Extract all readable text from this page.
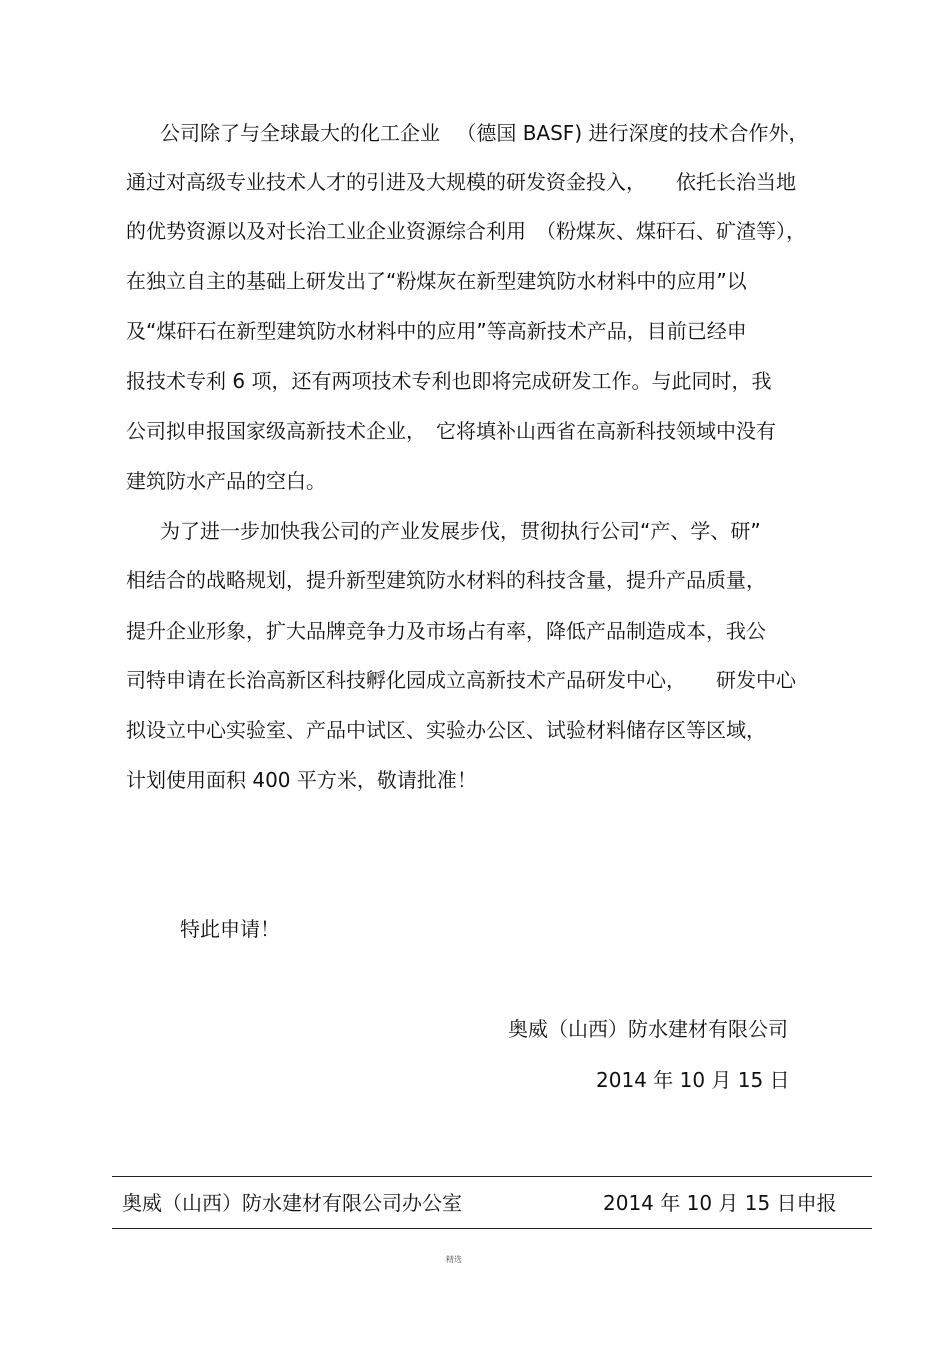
公司除了与全球最大的化工企业 　（德国 BASF) 进行深度的技术合作外，
通过对高级专业技术人才的引进及大规模的研发资金投入，　　依托长治当地
的优势资源以及对长治工业企业资源综合利用　（粉煤灰、煤矸石、矿渣等），
在独立自主的基础上研发出了“粉煤灰在新型建筑防水材料中的应用”以
及“煤矸石在新型建筑防水材料中的应用”等高新技术产品，目前已经申
报技术专利 6 项，还有两项技术专利也即将完成研发工作。与此同时，我
公司拟申报国家级高新技术企业，　它将填补山西省在高新科技领域中没有
建筑防水产品的空白。
为了进一步加快我公司的产业发展步伐，贯彻执行公司“产、学、研”
相结合的战略规划，提升新型建筑防水材料的科技含量，提升产品质量，
提升企业形象，扩大品牌竞争力及市场占有率，降低产品制造成本，我公
司特申请在长治高新区科技孵化园成立高新技术产品研发中心，　　研发中心
拟设立中心实验室、产品中试区、实验办公区、试验材料储存区等区域，
计划使用面积 400 平方米，敬请批准！
特此申请！
奥威（山西）防水建材有限公司
2014 年 10 月 15 日
奥威（山西）防水建材有限公司办公室	2014 年 10 月 15 日申报
精选
